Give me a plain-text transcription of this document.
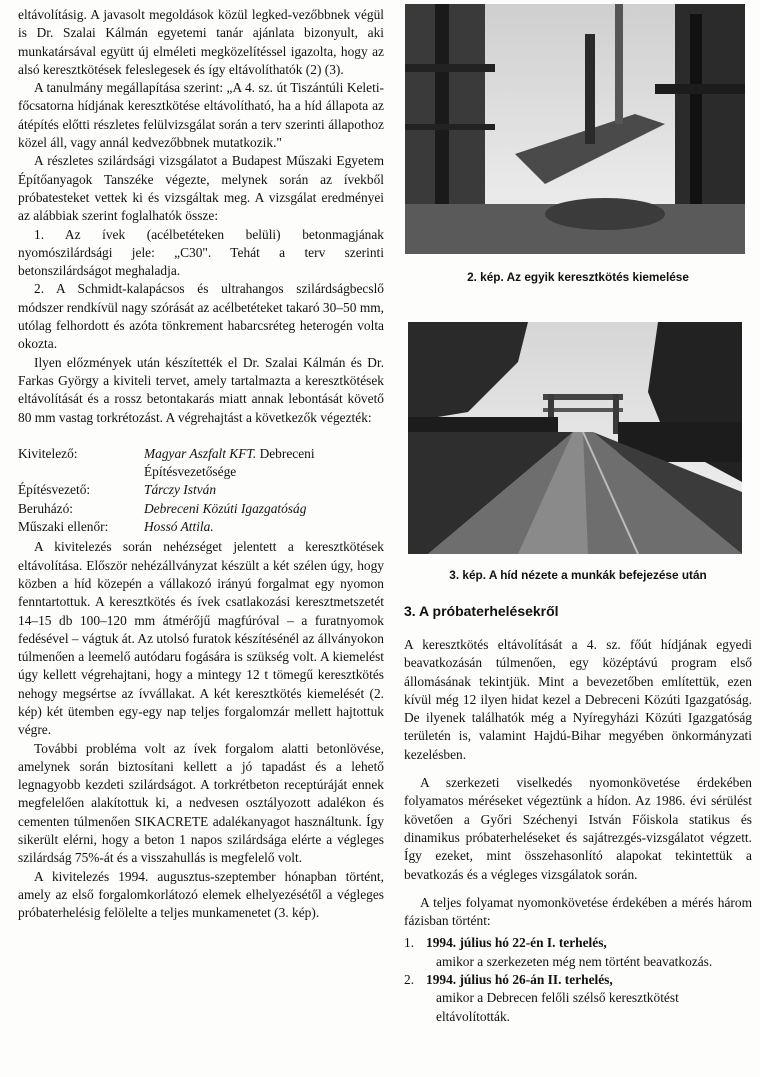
eltávolításig. A javasolt megoldások közül legked-vezőbbnek végül is Dr. Szalai Kálmán egyetemi tanár ajánlata bizonyult, aki munkatársával együtt új elméleti megközelítéssel igazolta, hogy az alsó keresztkötések feleslegesek és így eltávolíthatók (2) (3).

A tanulmány megállapítása szerint: „A 4. sz. út Tiszántúli Keleti-főcsatorna hídjának keresztkötése eltávolítható, ha a híd állapota az átépítés előtti részletes felülvizsgálat során a terv szerinti állapothoz közel áll, vagy annál kedvezőbbnek mutatkozik."

A részletes szilárdsági vizsgálatot a Budapest Műszaki Egyetem Építőanyagok Tanszéke végezte, melynek során az ívekből próbatesteket vettek ki és vizsgáltak meg. A vizsgálat eredményei az alábbiak szerint foglalhatók össze:

1. Az ívek (acélbetéteken belüli) betonmagjának nyomószilárdsági jele: „C30". Tehát a terv szerinti betonszilárdságot meghaladja.

2. A Schmidt-kalapácsos és ultrahangos szilárdságbecslő módszer rendkívül nagy szórását az acélbetéteket takaró 30–50 mm, utólag felhordott és azóta tönkrement habarcsréteg heterogén volta okozta.

Ilyen előzmények után készítették el Dr. Szalai Kálmán és Dr. Farkas György a kiviteli tervet, amely tartalmazta a keresztkötések eltávolítását és a rossz betontakarás miatt annak lebontását követő 80 mm vastag torkrétozást. A végrehajtást a következők végezték:

Kivitelező:	Magyar Aszfalt KFT. Debreceni
Építésvezetősége
Építésvezető:	Tárczy István
Beruházó:	Debreceni Közúti Igazgatóság
Műszaki ellenőr:	Hossó Attila.

A kivitelezés során nehézséget jelentett a keresztkötések eltávolítása. Először nehézállványzat készült a két szélen úgy, hogy közben a híd közepén a vállakozó irányú forgalmat egy nyomon fenntartottuk. A keresztkötés és ívek csatlakozási keresztmetszetét 14–15 db 100–120 mm átmérőjű magfúróval – a furatnyomok fedésével – vágtuk át. Az utolsó furatok készítésénél az állványokon túlmenően a leemelő autódaru fogására is szükség volt. A kiemelést úgy kellett végrehajtani, hogy a mintegy 12 t tömegű keresztkötés nehogy megsértse az ívvállakat. A két keresztkötés kiemelését (2. kép) két ütemben egy-egy nap teljes forgalomzár mellett hajtottuk végre.

További probléma volt az ívek forgalom alatti betonlövése, amelynek során biztosítani kellett a jó tapadást és a lehető legnagyobb kezdeti szilárdságot. A torkrétbeton receptúráját ennek megfelelően alakítottuk ki, a nedvesen osztályozott adalékon és cementen túlmenően SIKACRETE adalékanyagot használtunk. Így sikerült elérni, hogy a beton 1 napos szilárdsága elérte a végleges szilárdság 75%-át és a visszahullás is megfelelő volt.

A kivitelezés 1994. augusztus-szeptember hónapban történt, amely az első forgalomkorlátozó elemek elhelyezésétől a végleges próbaterhelésig felölelte a teljes munkamenetet (3. kép).

2. kép. Az egyik keresztkötés kiemelése
3. kép. A híd nézete a munkák befejezése után
3. A próbaterhelésekről

A keresztkötés eltávolítását a 4. sz. főút hídjának egyedi beavatkozásán túlmenően, egy középtávú program első állomásának tekintjük. Mint a bevezetőben említettük, ezen kívül még 12 ilyen hidat kezel a Debreceni Közúti Igazgatóság. De ilyenek találhatók még a Nyíregyházi Közúti Igazgatóság területén is, valamint Hajdú-Bihar megyében önkormányzati kezelésben.

A szerkezeti viselkedés nyomonkövetése érdekében folyamatos méréseket végeztünk a hídon. Az 1986. évi sérülést követően a Győri Széchenyi István Főiskola statikus és dinamikus próbaterheléseket és sajátrezgés-vizsgálatot végzett. Így ezeket, mint összehasonlító alapokat tekintettük a bevatkozás és a végleges vizsgálatok során.

A teljes folyamat nyomonkövetése érdekében a mérés három fázisban történt:

1. 1994. július hó 22-én I. terhelés,
amikor a szerkezeten még nem történt beavatkozás.
2. 1994. július hó 26-án II. terhelés,
amikor a Debrecen felőli szélső keresztkötést eltávolították.
